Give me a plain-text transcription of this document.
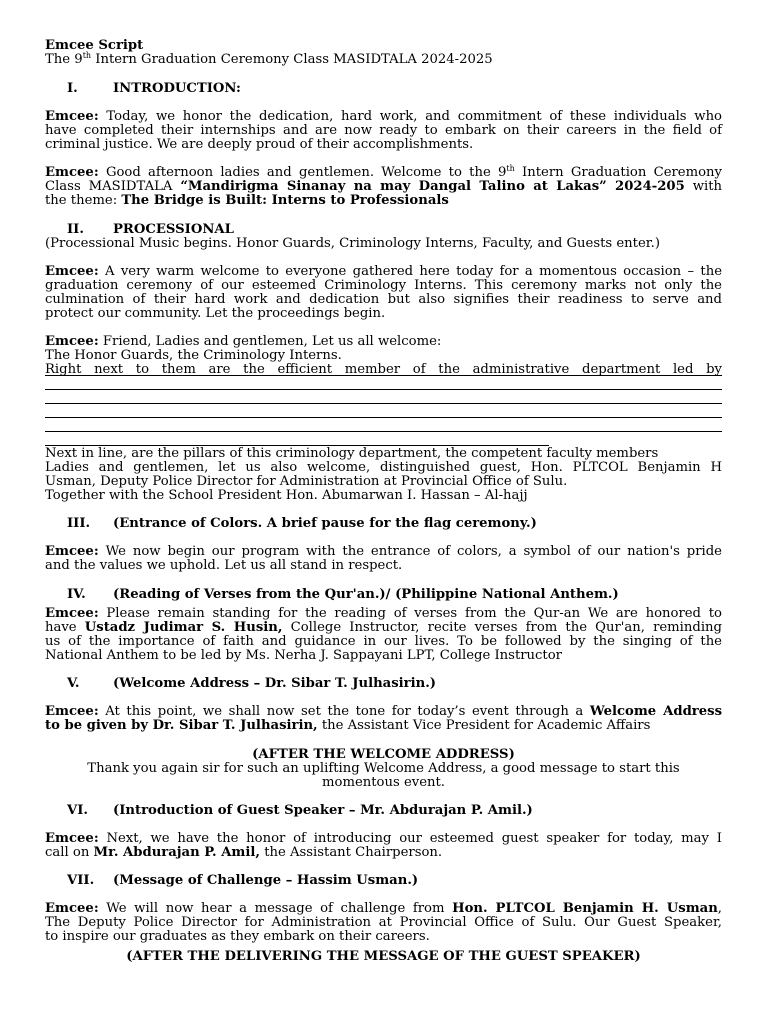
Emcee Script
The 9th Intern Graduation Ceremony Class MASIDTALA 2024-2025
I.	INTRODUCTION:
Emcee: Today, we honor the dedication, hard work, and commitment of these individuals who
have completed their internships and are now ready to embark on their careers in the field of
criminal justice. We are deeply proud of their accomplishments.
Emcee: Good afternoon ladies and gentlemen. Welcome to the 9th Intern Graduation Ceremony
Class MASIDTALA “Mandirigma Sinanay na may Dangal Talino at Lakas” 2024-205 with
the theme: The Bridge is Built: Interns to Professionals
II. PROCESSIONAL
(Processional Music begins. Honor Guards, Criminology Interns, Faculty, and Guests enter.)
Emcee: A very warm welcome to everyone gathered here today for a momentous occasion – the
graduation ceremony of our esteemed Criminology Interns. This ceremony marks not only the
culmination of their hard work and dedication but also signifies their readiness to serve and
protect our community. Let the proceedings begin.
Emcee: Friend, Ladies and gentlemen, Let us all welcome:
The Honor Guards, the Criminology Interns.
Right next to them are the efficient member of the administrative department led by
Next in line, are the pillars of this criminology department, the competent faculty members
Ladies and gentlemen, let us also welcome, distinguished guest, Hon. PLTCOL Benjamin H
Usman, Deputy Police Director for Administration at Provincial Office of Sulu.
Together with the School President Hon. Abumarwan I. Hassan – Al-hajj
III. (Entrance of Colors. A brief pause for the flag ceremony.)
Emcee: We now begin our program with the entrance of colors, a symbol of our nation's pride
and the values we uphold. Let us all stand in respect.
IV. (Reading of Verses from the Qur'an.)/ (Philippine National Anthem.)
Emcee: Please remain standing for the reading of verses from the Qur-an We are honored to
have Ustadz Judimar S. Husin, College Instructor, recite verses from the Qur'an, reminding
us of the importance of faith and guidance in our lives. To be followed by the singing of the
National Anthem to be led by Ms. Nerha J. Sappayani LPT, College Instructor
V.	(Welcome Address – Dr. Sibar T. Julhasirin.)
Emcee: At this point, we shall now set the tone for today’s event through a Welcome Address
to be given by Dr. Sibar T. Julhasirin, the Assistant Vice President for Academic Affairs
(AFTER THE WELCOME ADDRESS)
Thank you again sir for such an uplifting Welcome Address, a good message to start this
momentous event.
VI. (Introduction of Guest Speaker – Mr. Abdurajan P. Amil.)
Emcee: Next, we have the honor of introducing our esteemed guest speaker for today, may I
call on Mr. Abdurajan P. Amil, the Assistant Chairperson.
VII. (Message of Challenge – Hassim Usman.)
Emcee: We will now hear a message of challenge from Hon. PLTCOL Benjamin H. Usman,
The Deputy Police Director for Administration at Provincial Office of Sulu. Our Guest Speaker,
to inspire our graduates as they embark on their careers.
(AFTER THE DELIVERING THE MESSAGE OF THE GUEST SPEAKER)
